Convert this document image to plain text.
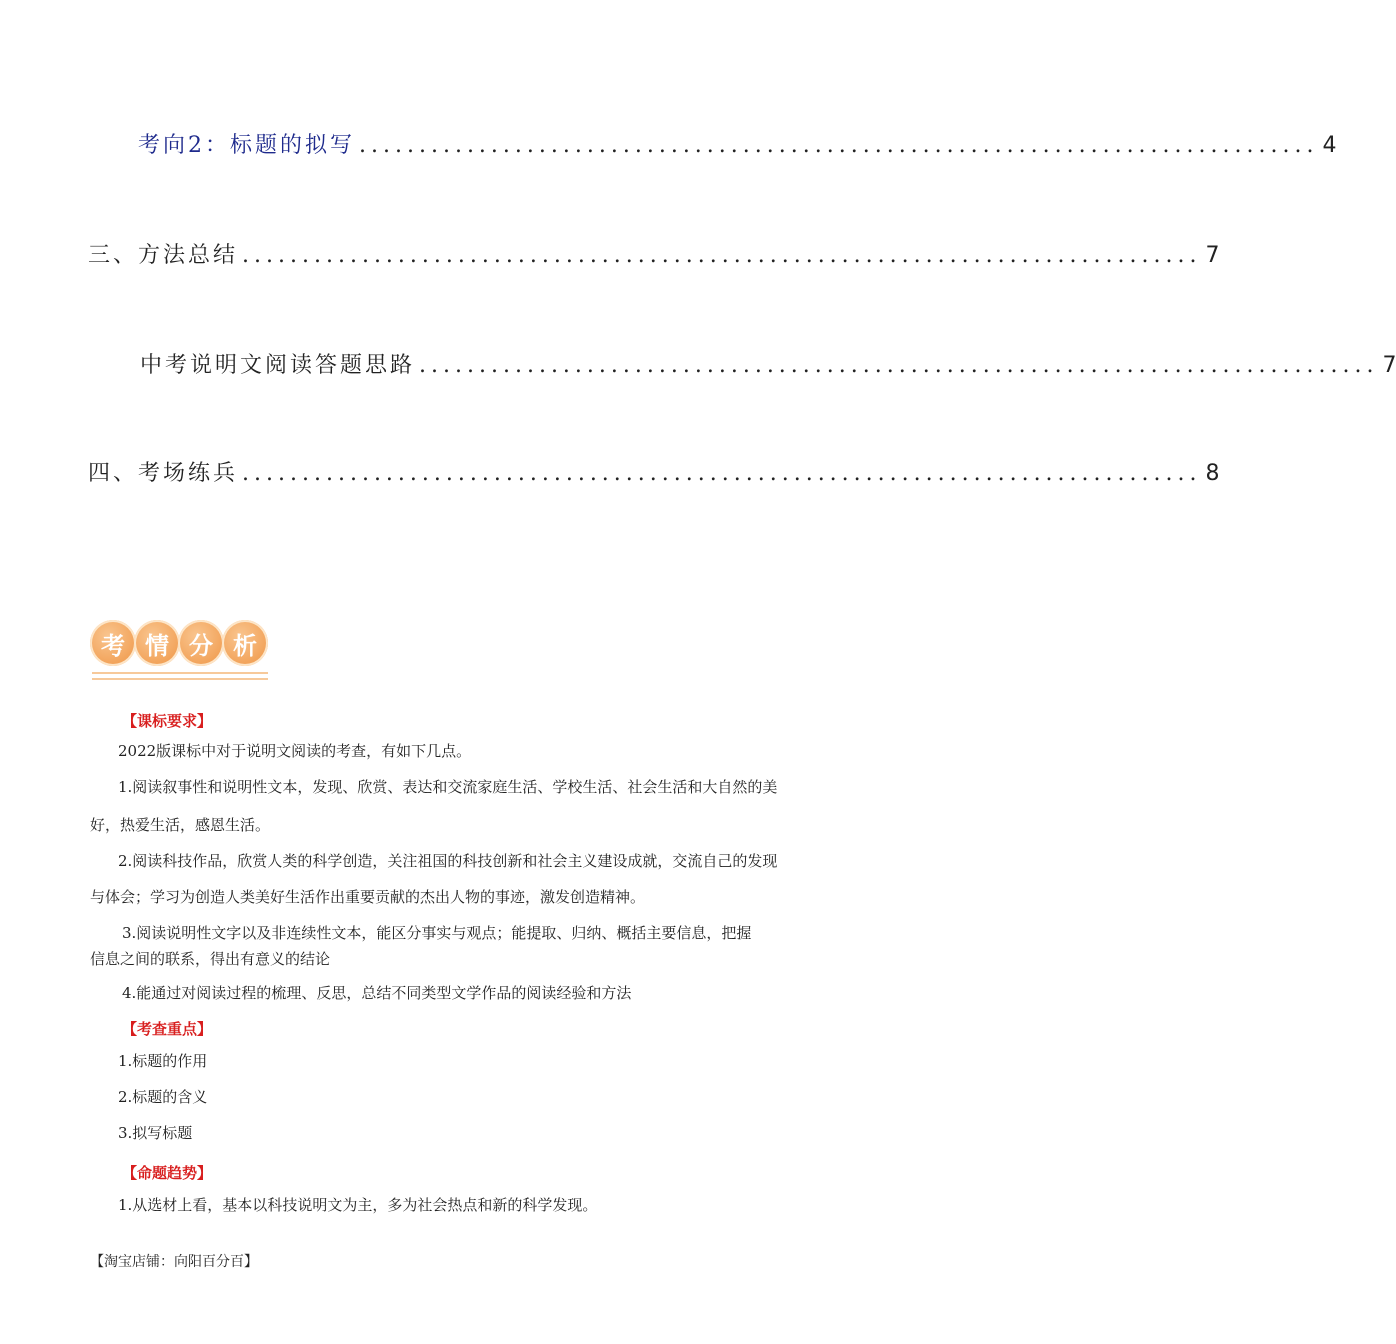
考向2：标题的拟写 ................................................................................ 4
三、方法总结 ................................................................................ 7
中考说明文阅读答题思路 ................................................................................ 7
四、考场练兵 ................................................................................ 8
考 情 分 析
【课标要求】
2022版课标中对于说明文阅读的考查，有如下几点。
1.阅读叙事性和说明性文本，发现、欣赏、表达和交流家庭生活、学校生活、社会生活和大自然的美
好，热爱生活，感恩生活。
2.阅读科技作品，欣赏人类的科学创造，关注祖国的科技创新和社会主义建设成就，交流自己的发现
与体会；学习为创造人类美好生活作出重要贡献的杰出人物的事迹，激发创造精神。
3.阅读说明性文字以及非连续性文本，能区分事实与观点；能提取、归纳、概括主要信息，把握
信息之间的联系，得出有意义的结论
4.能通过对阅读过程的梳理、反思，总结不同类型文学作品的阅读经验和方法
【考查重点】
1.标题的作用
2.标题的含义
3.拟写标题
【命题趋势】
1.从选材上看，基本以科技说明文为主，多为社会热点和新的科学发现。
【淘宝店铺：向阳百分百】
